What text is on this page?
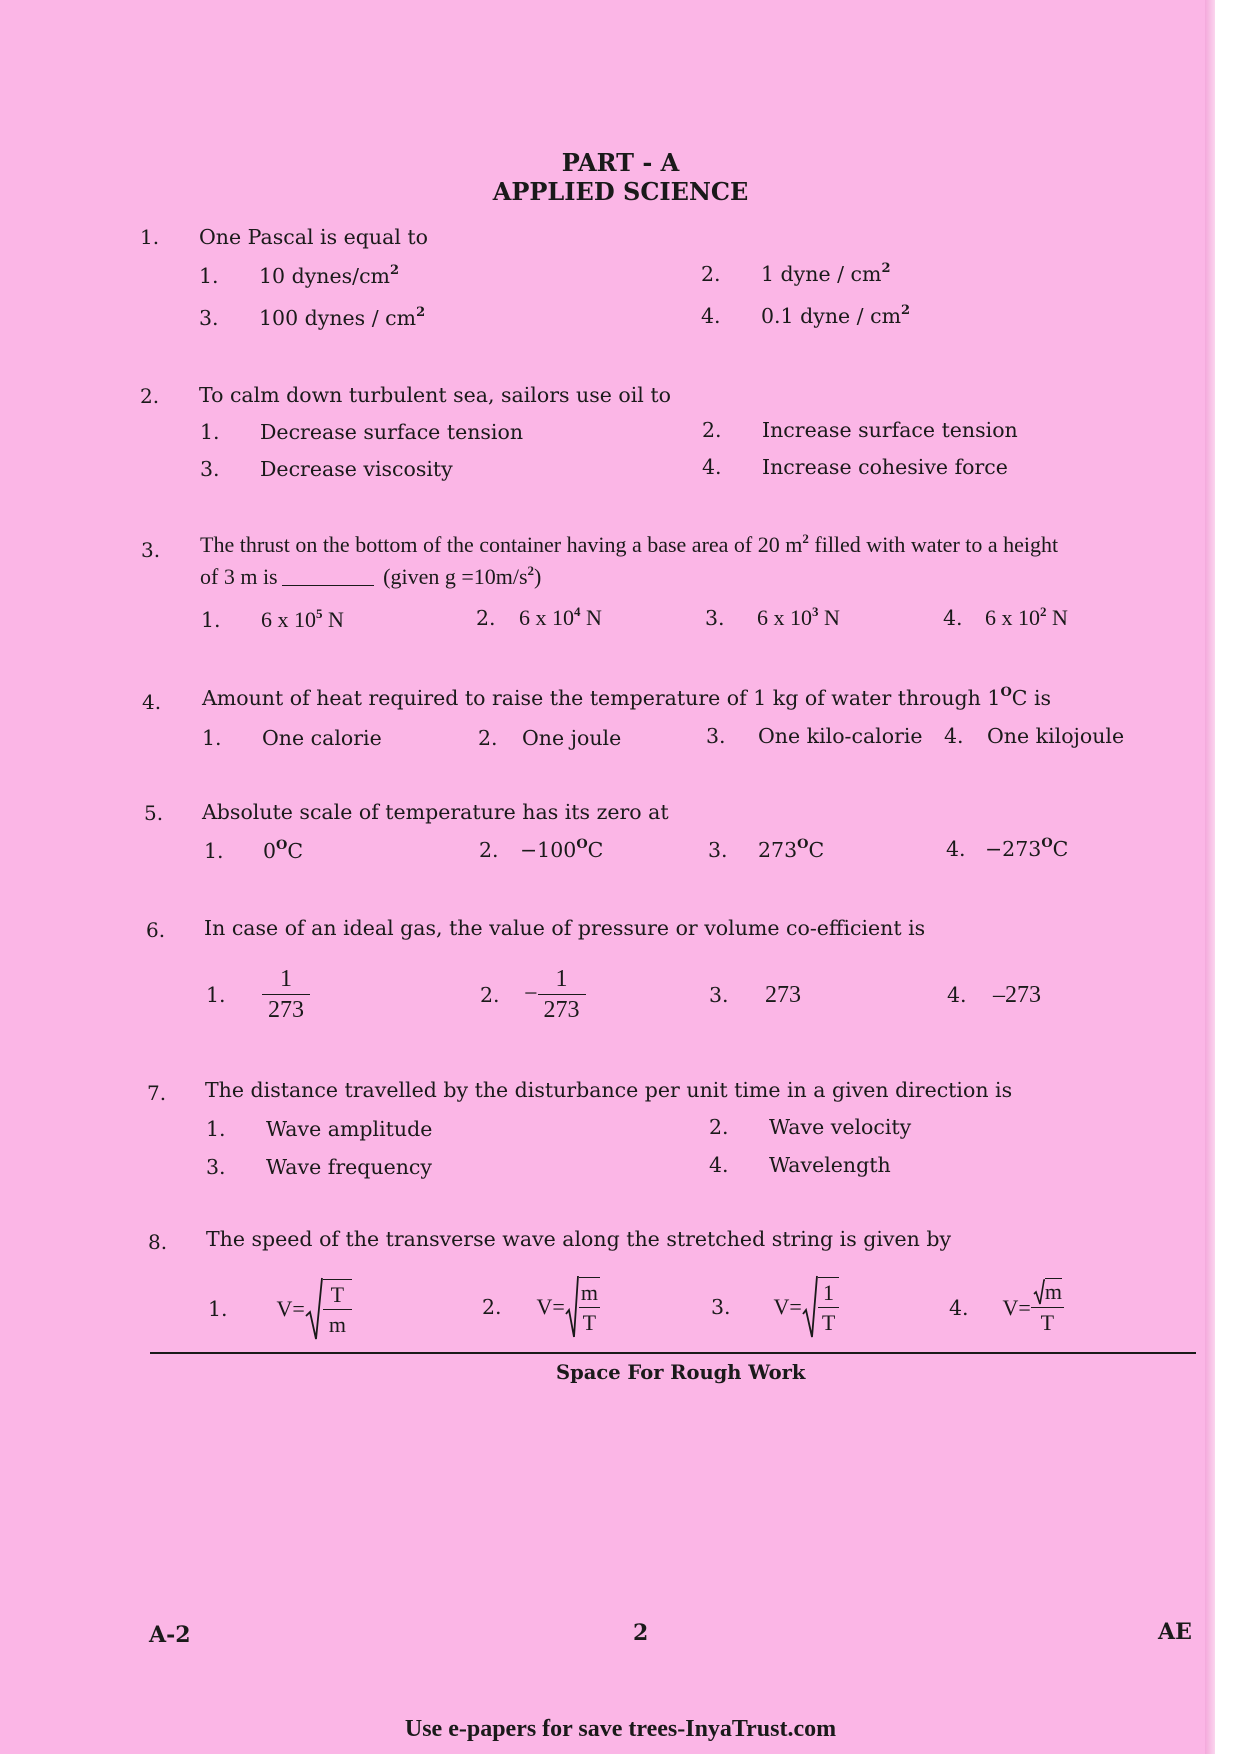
PART - A
APPLIED SCIENCE
1. One Pascal is equal to
1. 10 dynes/$cm^2$	2. 1 dyne / $cm^2$
3. 100 dynes / $cm^2$	4. 0.1 dyne / $cm^2$
2. To calm down turbulent sea, sailors use oil to
1. Decrease surface tension	2. Increase surface tension
3. Decrease viscosity	4. Increase cohesive force
3. The thrust on the bottom of the container having a base area of 20 $m^2$ filled with water to a height
of 3 m is	(given $g =10m/s^2$)
1. 6 x $10^5$ N	2. 6 x $10^4$ N	3. 6 x $10^3$ N	4. 6 x $10^2$ N
4. Amount of heat required to raise the temperature of 1 kg of water through $1^OC$ is
1. One calorie	2. One joule	3. One kilo-calorie 4. One kilojoule
5. Absolute scale of temperature has its zero at
1. $0^OC$	2. $-100^OC$	3. $273^OC$	4. $-273^OC$
6. In case of an ideal gas, the value of pressure or volume co-efficient is
1. $\frac{1}{273}$	2. − $\frac{1}{273}$	3. 273	4. –273
7. The distance travelled by the disturbance per unit time in a given direction is
1. Wave amplitude	2. Wave velocity
3. Wave frequency	4. Wavelength
8. The speed of the transverse wave along the stretched string is given by
1. $V= \frac{T}{m}$	2. $V= \frac{m}{T}$	3. $V= \frac{1}{T}$	4. $V= \frac{m}{T}$
Space For Rough Work
A-2	2	AE
Use e-papers for save trees-InyaTrust.com
